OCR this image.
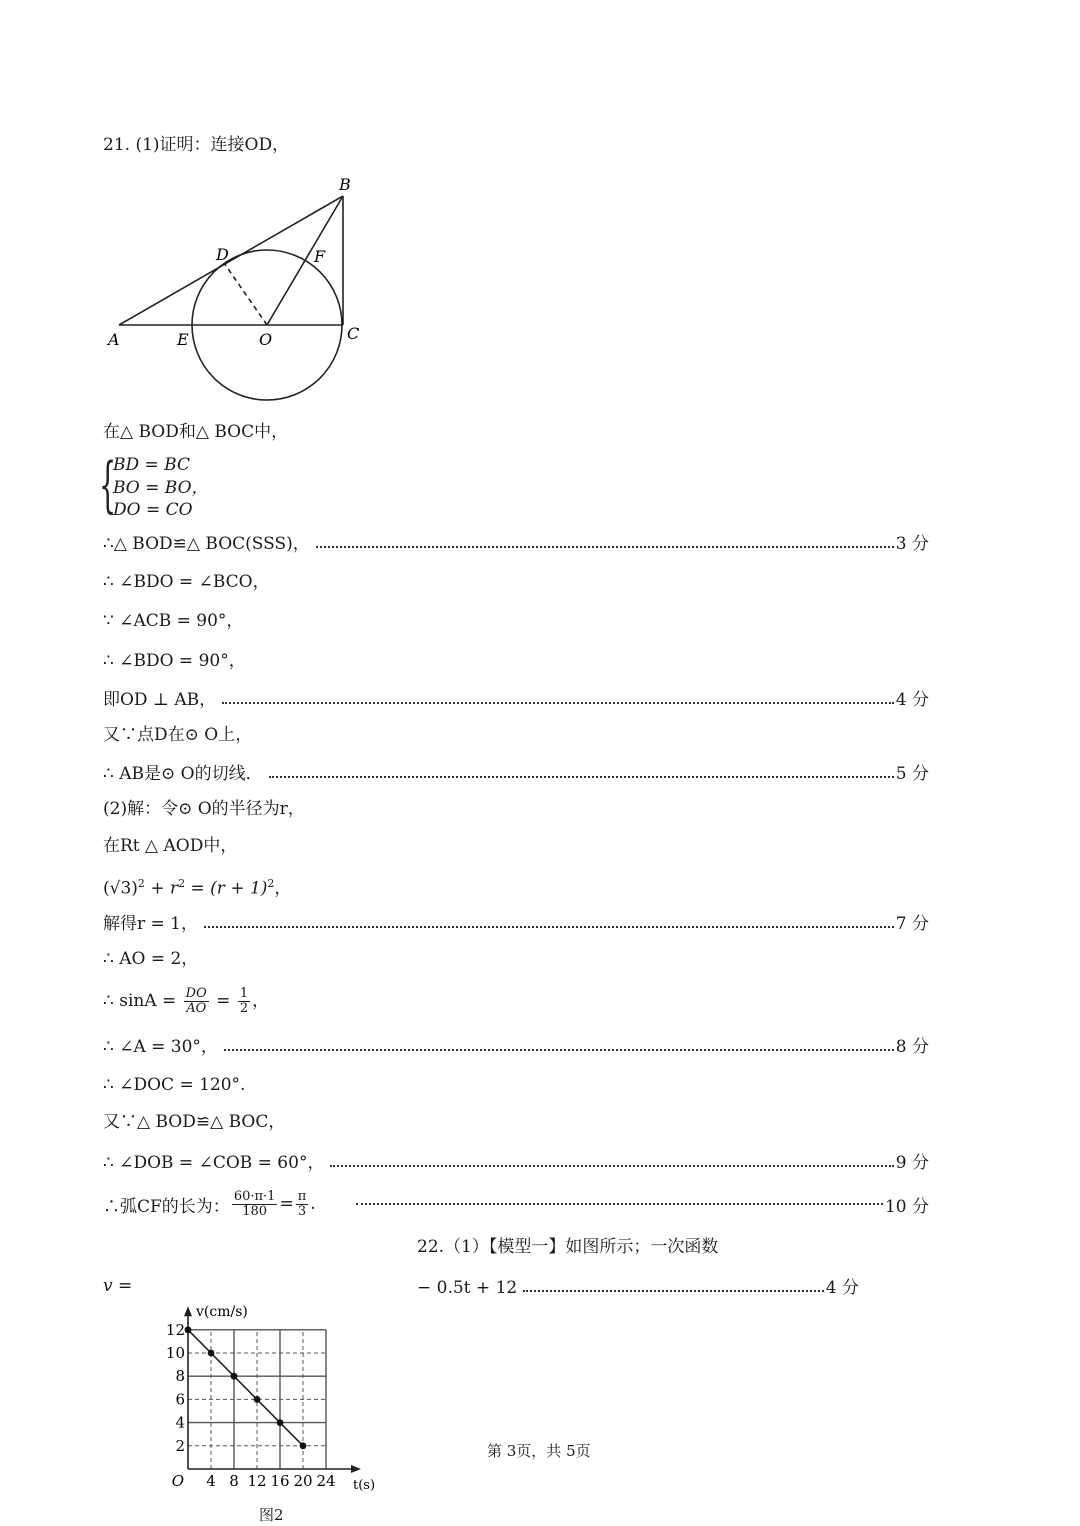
21. (1)证明：连接OD，
A
B
C
D
E
F
O
在△ BOD和△ BOC中，
{
BD = BC
BO = BO，
DO = CO
∴△ BOD≌△ BOC(SSS)，	3 分
∴ ∠BDO = ∠BCO，
∵ ∠ACB = 90°，
∴ ∠BDO = 90°，
即OD ⊥ AB，	4 分
又∵点D在⊙ O上，
∴ AB是⊙ O的切线．	5 分
(2)解：令⊙ O的半径为r，
在Rt △ AOD中，
$(√3)^2 + r^2 = (r + 1)^2$，
解得r = 1，	7 分
∴ AO = 2，
∴ $\sin A = \frac{DO}{AO} = \frac{1}{2}$ ，
∴ ∠A = 30°，	8 分
∴ ∠DOC = 120°.
又∵△ BOD≌△ BOC，
∴ ∠DOB = ∠COB = 60°，	9 分
∴弧CF的长为： $\frac{60\cdot\pi\cdot 1}{180} = \frac{\pi}{3}$ .	10 分
22.（1）【模型一】如图所示；一次函数
v =	− 0.5t + 12	4 分
4 8 12 16 20 24
2
4
6
8
10
12
O	t(s)
v(cm/s)
图2
第 3页，共 5页
